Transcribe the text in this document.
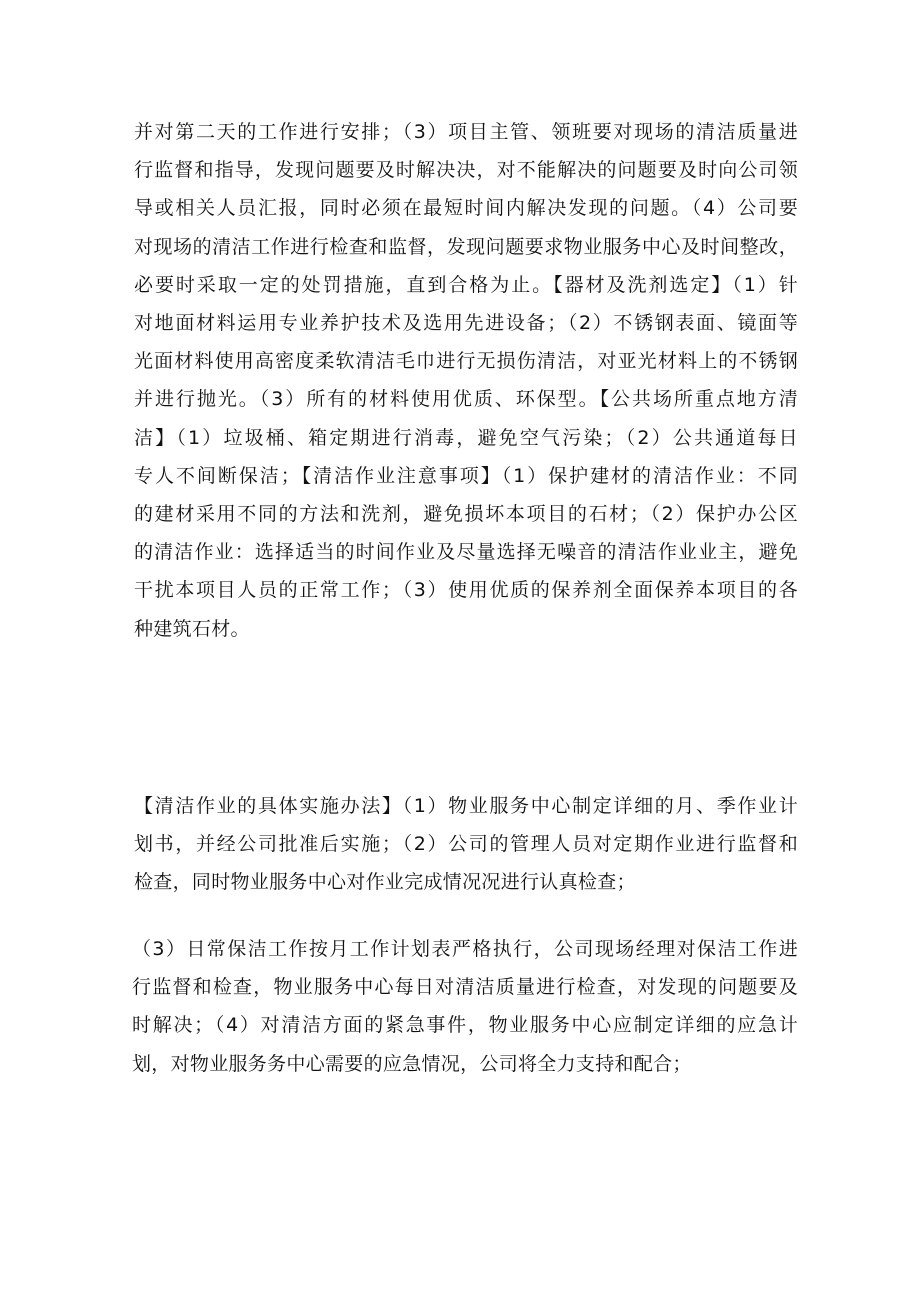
并对第二天的工作进行安排；（3）项目主管、领班要对现场的清洁质量进
行监督和指导，发现问题要及时解决决，对不能解决的问题要及时向公司领
导或相关人员汇报，同时必须在最短时间内解决发现的问题。（4）公司要
对现场的清洁工作进行检查和监督，发现问题要求物业服务中心及时间整改，
必要时采取一定的处罚措施，直到合格为止。【器材及洗剂选定】（1）针
对地面材料运用专业养护技术及选用先进设备；（2）不锈钢表面、镜面等
光面材料使用高密度柔软清洁毛巾进行无损伤清洁，对亚光材料上的不锈钢
并进行抛光。（3）所有的材料使用优质、环保型。【公共场所重点地方清
洁】（1）垃圾桶、箱定期进行消毒，避免空气污染；（2）公共通道每日
专人不间断保洁；【清洁作业注意事项】（1）保护建材的清洁作业：不同
的建材采用不同的方法和洗剂，避免损坏本项目的石材；（2）保护办公区
的清洁作业：选择适当的时间作业及尽量选择无噪音的清洁作业业主，避免
干扰本项目人员的正常工作；（3）使用优质的保养剂全面保养本项目的各
种建筑石材。
【清洁作业的具体实施办法】（1）物业服务中心制定详细的月、季作业计
划书，并经公司批准后实施；（2）公司的管理人员对定期作业进行监督和
检查，同时物业服务中心对作业完成情况况进行认真检查；
（3）日常保洁工作按月工作计划表严格执行，公司现场经理对保洁工作进
行监督和检查，物业服务中心每日对清洁质量进行检查，对发现的问题要及
时解决；（4）对清洁方面的紧急事件，物业服务中心应制定详细的应急计
划，对物业服务务中心需要的应急情况，公司将全力支持和配合；
